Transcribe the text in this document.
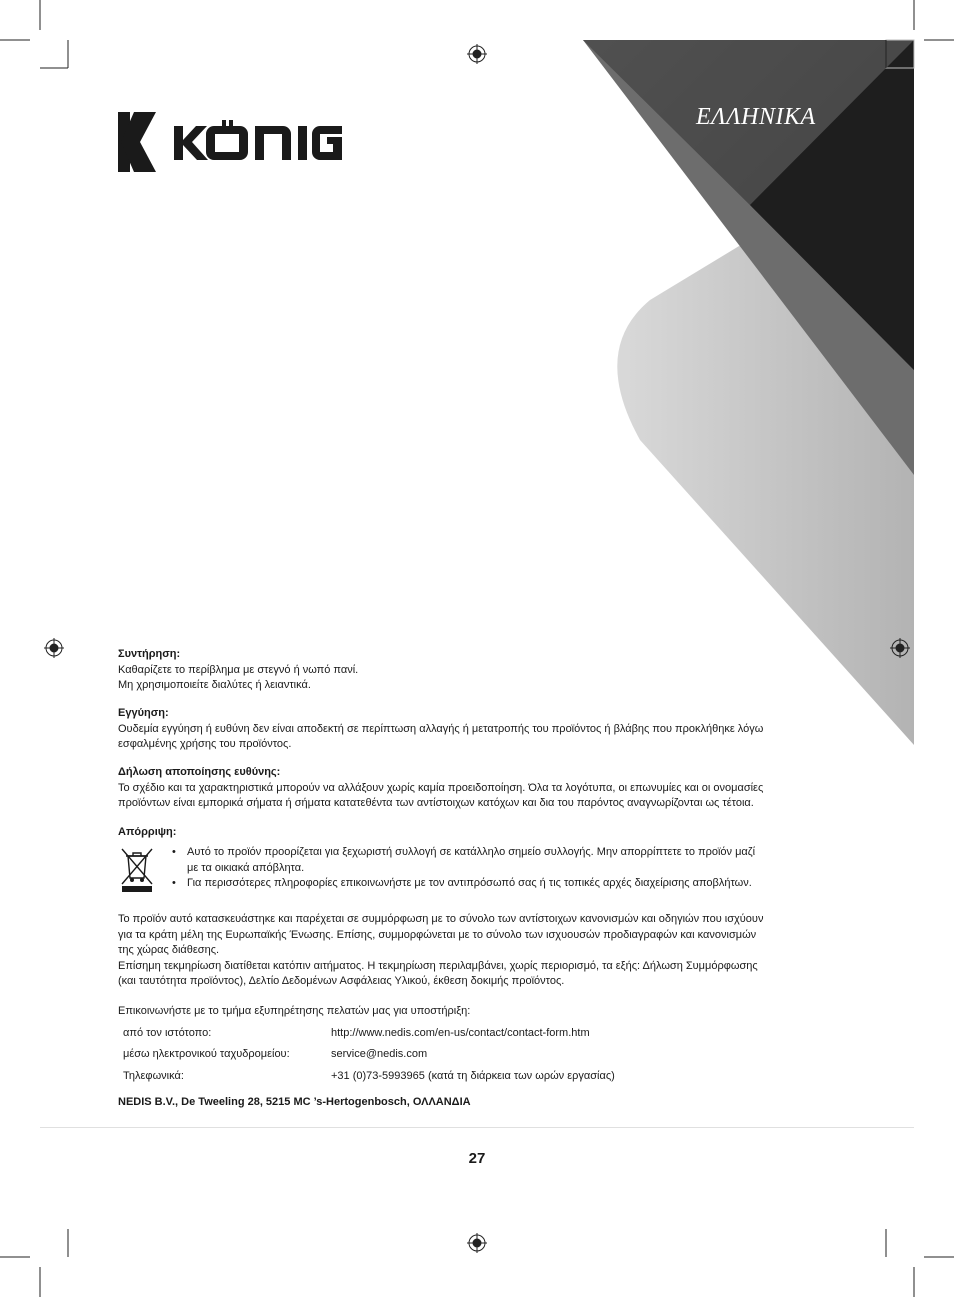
ΕΛΛΗΝΙΚΑ

Συντήρηση:

Καθαρίζετε το περίβλημα με στεγνό ή νωπό πανί.

Μη χρησιμοποιείτε διαλύτες ή λειαντικά.

Εγγύηση:

Ουδεμία εγγύηση ή ευθύνη δεν είναι αποδεκτή σε περίπτωση αλλαγής ή μετατροπής του προϊόντος ή βλάβης που προκλήθηκε λόγω

εσφαλμένης χρήσης του προϊόντος.

Δήλωση αποποίησης ευθύνης:

Το σχέδιο και τα χαρακτηριστικά μπορούν να αλλάξουν χωρίς καμία προειδοποίηση. Όλα τα λογότυπα, οι επωνυμίες και οι ονομασίες

προϊόντων είναι εμπορικά σήματα ή σήματα κατατεθέντα των αντίστοιχων κατόχων και δια του παρόντος αναγνωρίζονται ως τέτοια.

Απόρριψη:
• Αυτό το προϊόν προορίζεται για ξεχωριστή συλλογή σε κατάλληλο σημείο συλλογής. Μην απορρίπτετε το προϊόν μαζί
με τα οικιακά απόβλητα.
• Για περισσότερες πληροφορίες επικοινωνήστε με τον αντιπρόσωπό σας ή τις τοπικές αρχές διαχείρισης αποβλήτων.

Το προϊόν αυτό κατασκευάστηκε και παρέχεται σε συμμόρφωση με το σύνολο των αντίστοιχων κανονισμών και οδηγιών που ισχύουν

για τα κράτη μέλη της Ευρωπαϊκής Ένωσης. Επίσης, συμμορφώνεται με το σύνολο των ισχυουσών προδιαγραφών και κανονισμών

της χώρας διάθεσης.

Επίσημη τεκμηρίωση διατίθεται κατόπιν αιτήματος. Η τεκμηρίωση περιλαμβάνει, χωρίς περιορισμό, τα εξής: Δήλωση Συμμόρφωσης

(και ταυτότητα προϊόντος), Δελτίο Δεδομένων Ασφάλειας Υλικού, έκθεση δοκιμής προϊόντος.

Επικοινωνήστε με το τμήμα εξυπηρέτησης πελατών μας για υποστήριξη:
από τον ιστότοπο:	http://www.nedis.com/en-us/contact/contact-form.htm
μέσω ηλεκτρονικού ταχυδρομείου:	service@nedis.com
Τηλεφωνικά:	+31 (0)73-5993965 (κατά τη διάρκεια των ωρών εργασίας)
NEDIS B.V., De Tweeling 28, 5215 MC ’s-Hertogenbosch, ΟΛΛΑΝΔΙΑ
27
